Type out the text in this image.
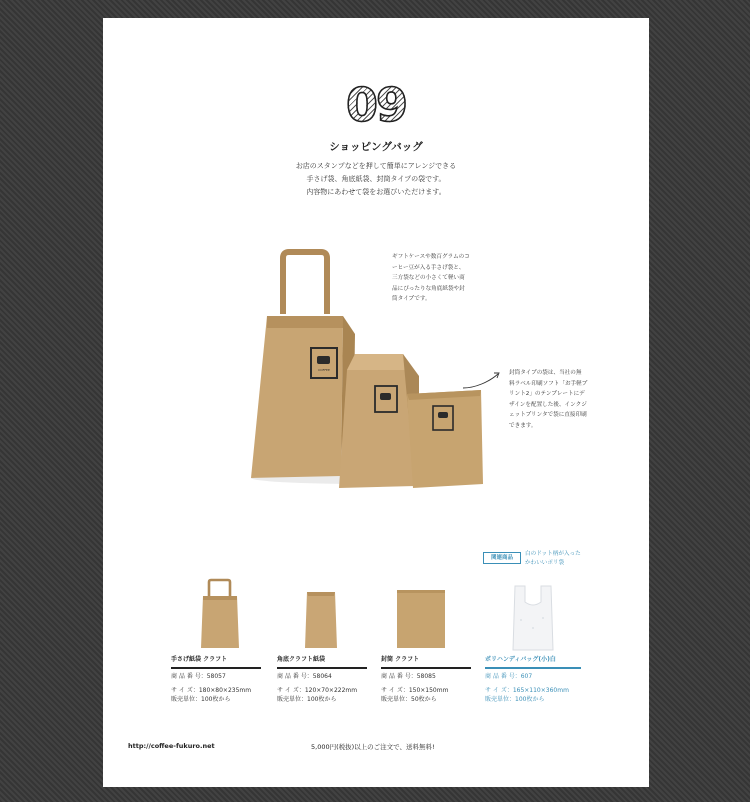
09
ショッピングバッグ
お店のスタンプなどを押して簡単にアレンジできる
手さげ袋、角底紙袋、封筒タイプの袋です。
内容物にあわせて袋をお選びいただけます。
ギフトケースや数百グラムのコ
ーヒー豆が入る手さげ袋と、
三方袋などの小さくて軽い商
品にぴったりな角底紙袋や封
筒タイプです。
封筒タイプの袋は、当社の無
料ラベル印刷ソフト「お手軽プ
リント2」のテンプレートにデ
ザインを配置した後、インクジ
ェットプリンタで袋に直接印刷
できます。
COFFEE
関連商品
白のドット柄が入った
かわいいポリ袋
手さげ紙袋 クラフト
商 品 番 号：58057
サ イ ズ：180×80×235mm
販売単位：100枚から
角底クラフト紙袋
商 品 番 号：58064
サ イ ズ：120×70×222mm
販売単位：100枚から
封筒 クラフト
商 品 番 号：58085
サ イ ズ：150×150mm
販売単位：50枚から
ポリハンディバッグ(小)白
商 品 番 号：607
サ イ ズ：165×110×360mm
販売単位：100枚から
http://coffee-fukuro.net	5,000円(税抜)以上のご注文で、送料無料!
